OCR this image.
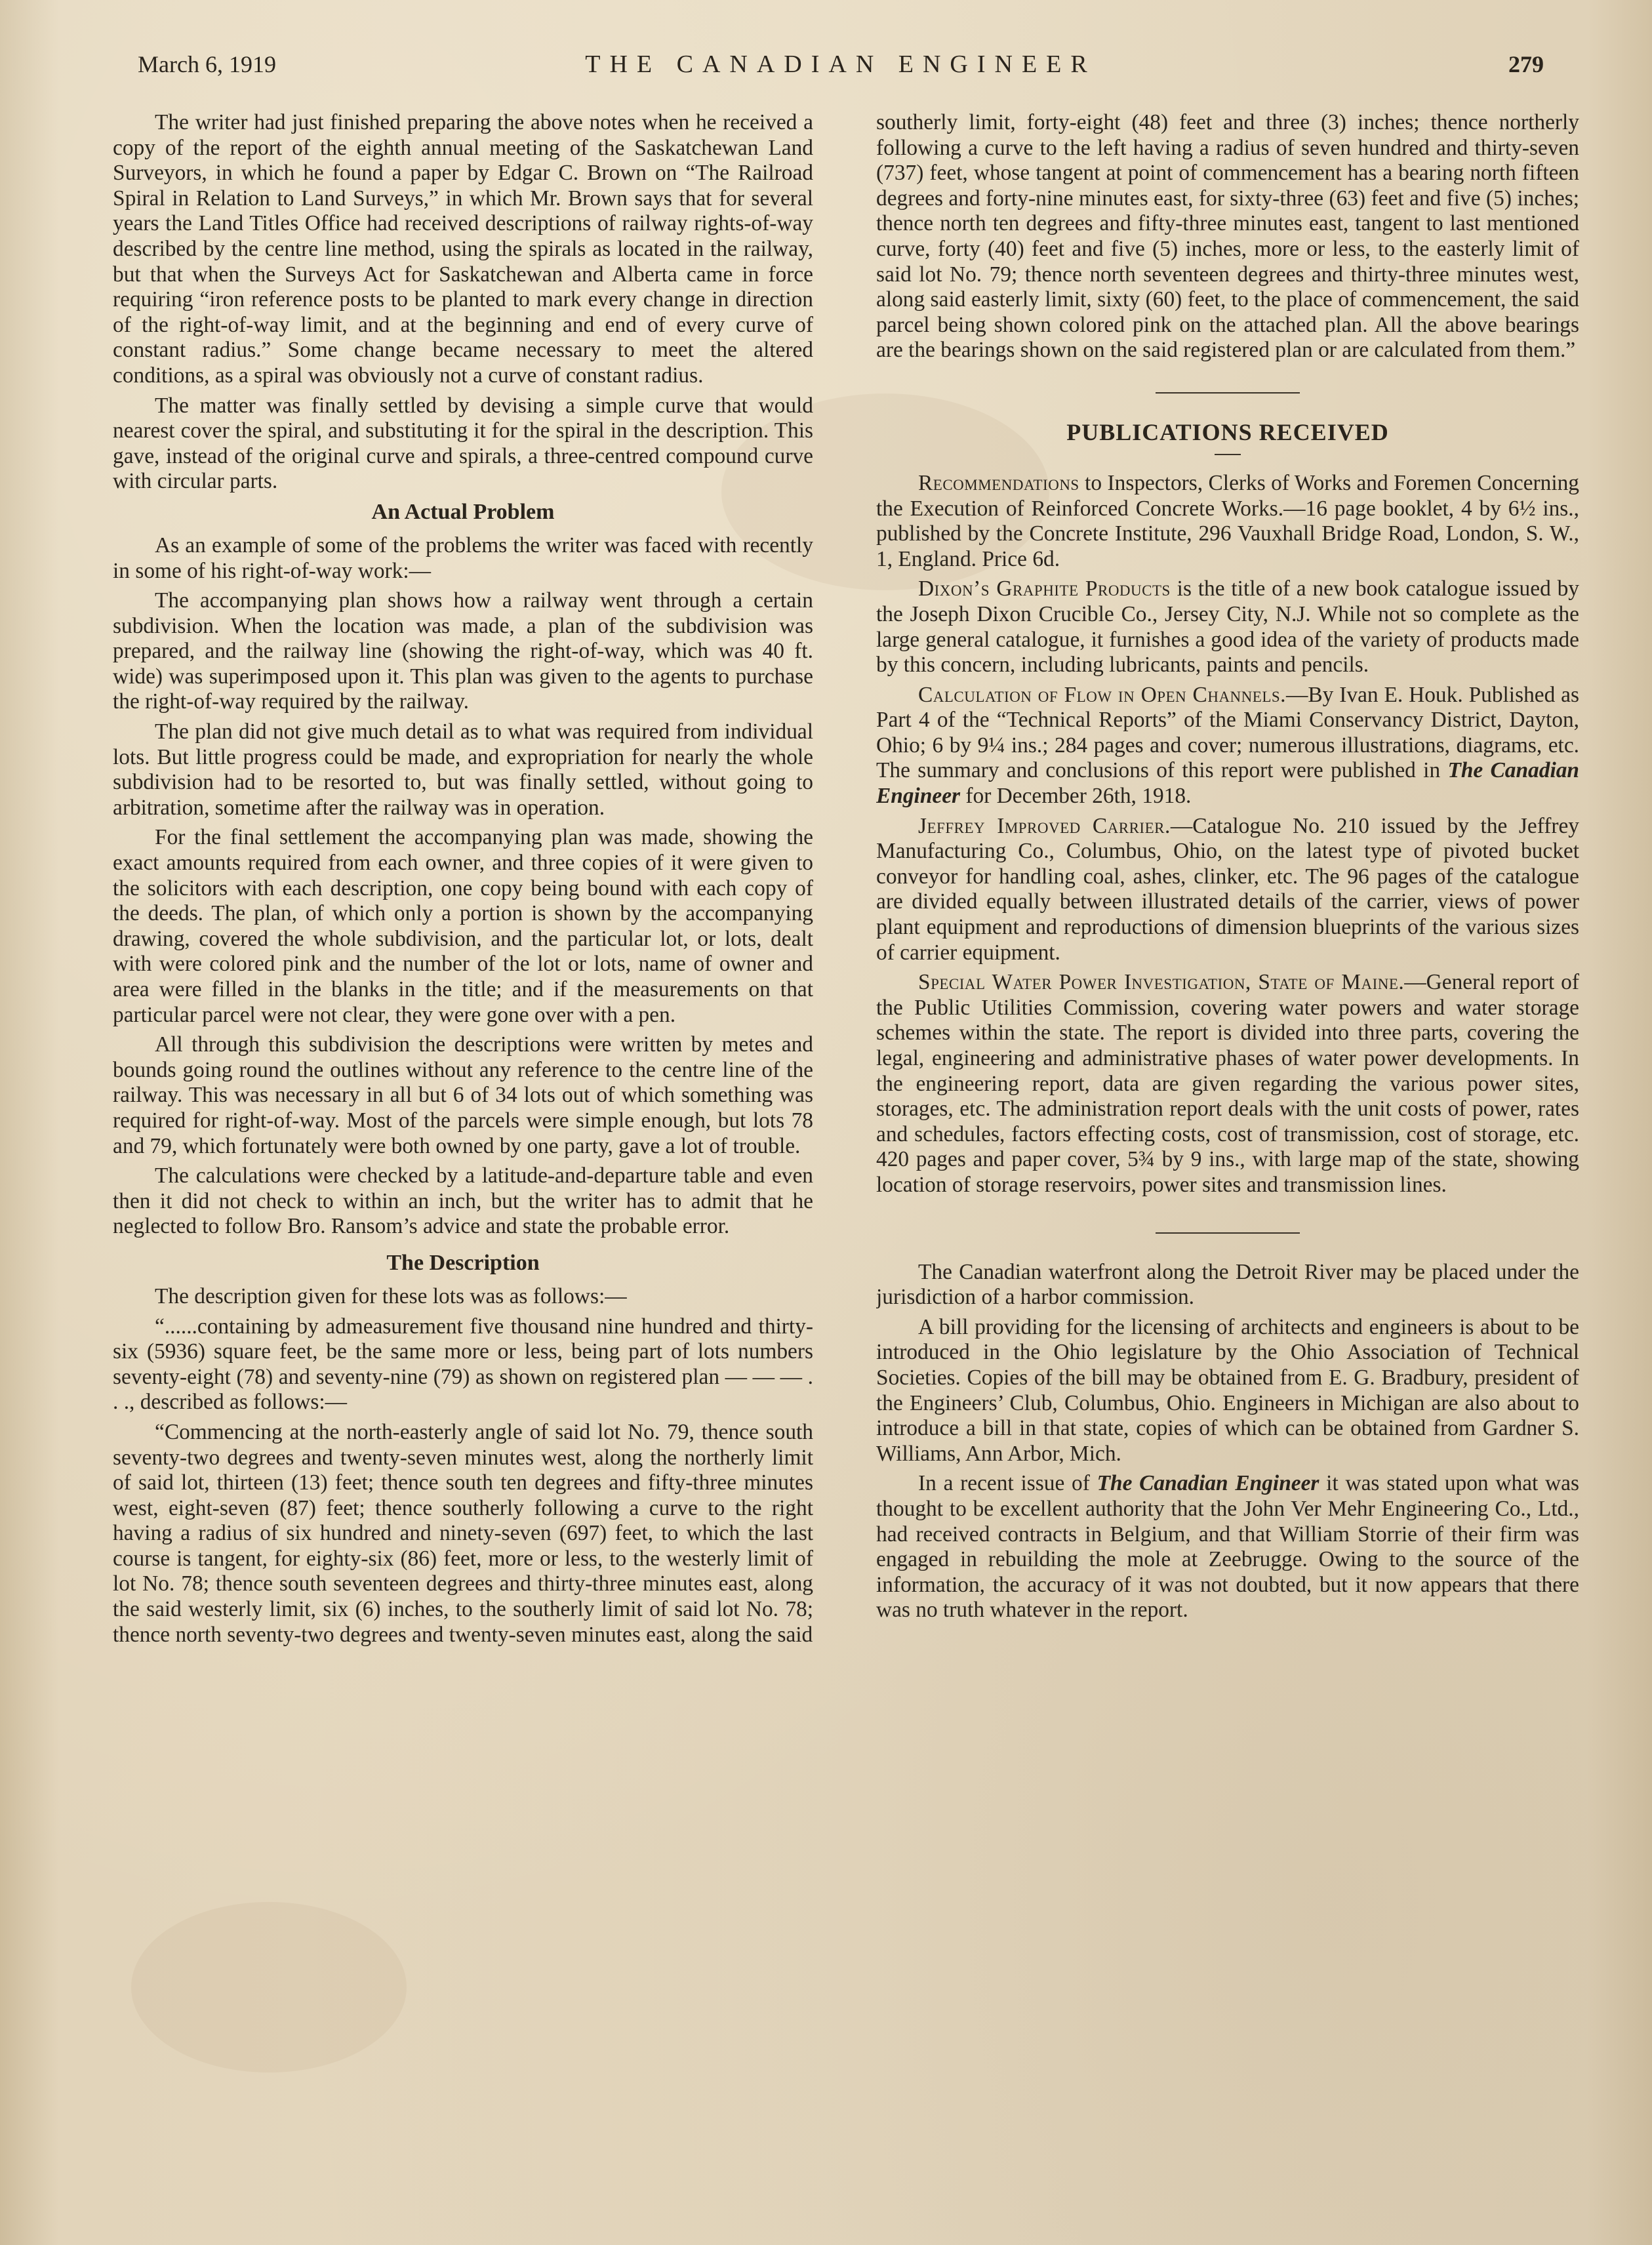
March 6, 1919	THE CANADIAN ENGINEER	279

The writer had just finished preparing the above notes when he received a copy of the report of the eighth annual meeting of the Saskatchewan Land Surveyors, in which he found a paper by Edgar C. Brown on “The Railroad Spiral in Relation to Land Surveys,” in which Mr. Brown says that for several years the Land Titles Office had received descriptions of railway rights-of-way described by the centre line method, using the spirals as located in the railway, but that when the Surveys Act for Saskatchewan and Alberta came in force requiring “iron reference posts to be planted to mark every change in direction of the right-of-way limit, and at the beginning and end of every curve of constant radius.” Some change became necessary to meet the altered conditions, as a spiral was obviously not a curve of constant radius.

The matter was finally settled by devising a simple curve that would nearest cover the spiral, and substituting it for the spiral in the description. This gave, instead of the original curve and spirals, a three-centred compound curve with circular parts.

An Actual Problem

As an example of some of the problems the writer was faced with recently in some of his right-of-way work:—

The accompanying plan shows how a railway went through a certain subdivision. When the location was made, a plan of the subdivision was prepared, and the railway line (showing the right-of-way, which was 40 ft. wide) was superimposed upon it. This plan was given to the agents to purchase the right-of-way required by the railway.

The plan did not give much detail as to what was required from individual lots. But little progress could be made, and expropriation for nearly the whole subdivision had to be resorted to, but was finally settled, without going to arbitration, sometime after the railway was in operation.

For the final settlement the accompanying plan was made, showing the exact amounts required from each owner, and three copies of it were given to the solicitors with each description, one copy being bound with each copy of the deeds. The plan, of which only a portion is shown by the accompanying drawing, covered the whole subdivision, and the particular lot, or lots, dealt with were colored pink and the number of the lot or lots, name of owner and area were filled in the blanks in the title; and if the measurements on that particular parcel were not clear, they were gone over with a pen.

All through this subdivision the descriptions were written by metes and bounds going round the outlines without any reference to the centre line of the railway. This was necessary in all but 6 of 34 lots out of which something was required for right-of-way. Most of the parcels were simple enough, but lots 78 and 79, which fortunately were both owned by one party, gave a lot of trouble.

The calculations were checked by a latitude-and-departure table and even then it did not check to within an inch, but the writer has to admit that he neglected to follow Bro. Ransom’s advice and state the probable error.

The Description

The description given for these lots was as follows:—

“......containing by admeasurement five thousand nine hundred and thirty-six (5936) square feet, be the same more or less, being part of lots numbers seventy-eight (78) and seventy-nine (79) as shown on registered plan — — — . . ., described as follows:—

“Commencing at the north-easterly angle of said lot No. 79, thence south seventy-two degrees and twenty-seven minutes west, along the northerly limit of said lot, thirteen (13) feet; thence south ten degrees and fifty-three minutes west, eight-seven (87) feet; thence southerly following a curve to the right having a radius of six hundred and ninety-seven (697) feet, to which the last course is tangent, for eighty-six (86) feet, more or less, to the westerly limit of lot No. 78; thence south seventeen degrees and thirty-three minutes east, along the said westerly limit, six (6) inches, to the southerly limit of said lot No. 78; thence north seventy-two degrees and twenty-seven minutes east, along the said

southerly limit, forty-eight (48) feet and three (3) inches; thence northerly following a curve to the left having a radius of seven hundred and thirty-seven (737) feet, whose tangent at point of commencement has a bearing north fifteen degrees and forty-nine minutes east, for sixty-three (63) feet and five (5) inches; thence north ten degrees and fifty-three minutes east, tangent to last mentioned curve, forty (40) feet and five (5) inches, more or less, to the easterly limit of said lot No. 79; thence north seventeen degrees and thirty-three minutes west, along said easterly limit, sixty (60) feet, to the place of commencement, the said parcel being shown colored pink on the attached plan. All the above bearings are the bearings shown on the said registered plan or are calculated from them.”

PUBLICATIONS RECEIVED

Recommendations to Inspectors, Clerks of Works and Foremen Concerning the Execution of Reinforced Concrete Works.—16 page booklet, 4 by 6½ ins., published by the Concrete Institute, 296 Vauxhall Bridge Road, London, S. W., 1, England. Price 6d.

Dixon’s Graphite Products is the title of a new book catalogue issued by the Joseph Dixon Crucible Co., Jersey City, N.J. While not so complete as the large general catalogue, it furnishes a good idea of the variety of products made by this concern, including lubricants, paints and pencils.

Calculation of Flow in Open Channels.—By Ivan E. Houk. Published as Part 4 of the “Technical Reports” of the Miami Conservancy District, Dayton, Ohio; 6 by 9¼ ins.; 284 pages and cover; numerous illustrations, diagrams, etc. The summary and conclusions of this report were published in The Canadian Engineer for December 26th, 1918.

Jeffrey Improved Carrier.—Catalogue No. 210 issued by the Jeffrey Manufacturing Co., Columbus, Ohio, on the latest type of pivoted bucket conveyor for handling coal, ashes, clinker, etc. The 96 pages of the catalogue are divided equally between illustrated details of the carrier, views of power plant equipment and reproductions of dimension blueprints of the various sizes of carrier equipment.

Special Water Power Investigation, State of Maine.—General report of the Public Utilities Commission, covering water powers and water storage schemes within the state. The report is divided into three parts, covering the legal, engineering and administrative phases of water power developments. In the engineering report, data are given regarding the various power sites, storages, etc. The administration report deals with the unit costs of power, rates and schedules, factors effecting costs, cost of transmission, cost of storage, etc. 420 pages and paper cover, 5¾ by 9 ins., with large map of the state, showing location of storage reservoirs, power sites and transmission lines.

The Canadian waterfront along the Detroit River may be placed under the jurisdiction of a harbor commission.

A bill providing for the licensing of architects and engineers is about to be introduced in the Ohio legislature by the Ohio Association of Technical Societies. Copies of the bill may be obtained from E. G. Bradbury, president of the Engineers’ Club, Columbus, Ohio. Engineers in Michigan are also about to introduce a bill in that state, copies of which can be obtained from Gardner S. Williams, Ann Arbor, Mich.

In a recent issue of The Canadian Engineer it was stated upon what was thought to be excellent authority that the John Ver Mehr Engineering Co., Ltd., had received contracts in Belgium, and that William Storrie of their firm was engaged in rebuilding the mole at Zeebrugge. Owing to the source of the information, the accuracy of it was not doubted, but it now appears that there was no truth whatever in the report.
